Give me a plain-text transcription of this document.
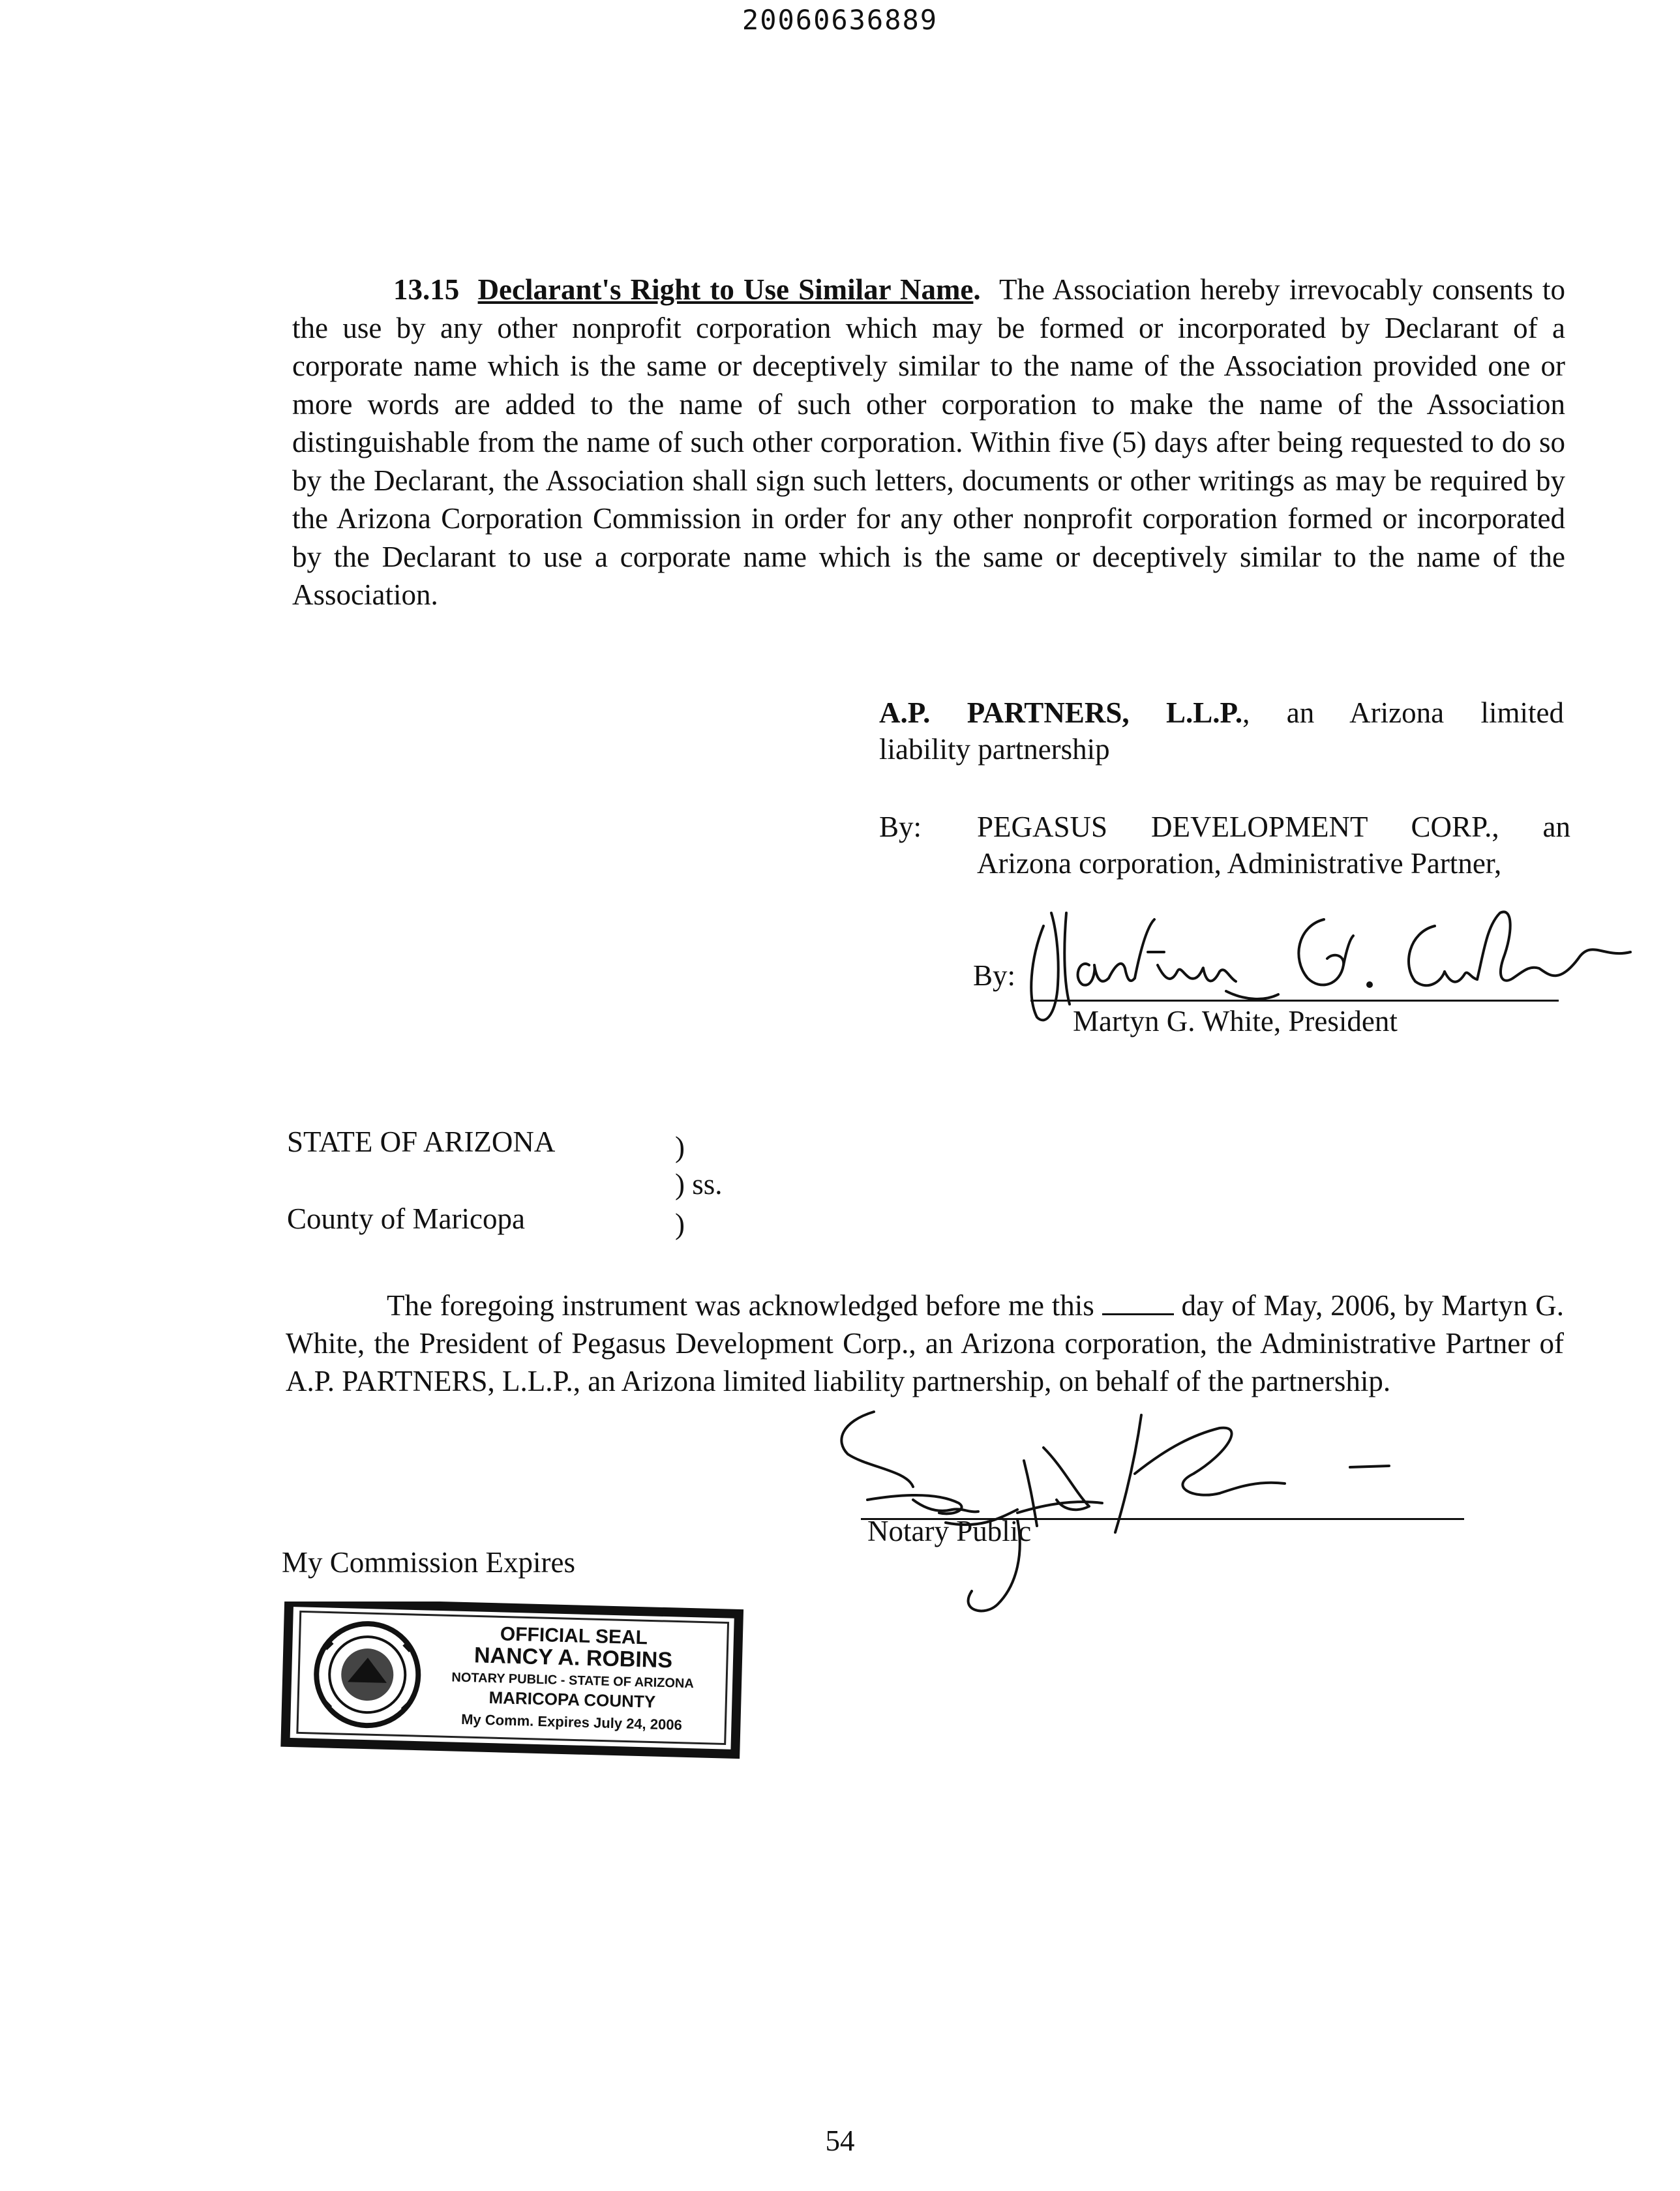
20060636889
13.15 Declarant's Right to Use Similar Name. The Association hereby irrevocably consents to the use by any other nonprofit corporation which may be formed or incorporated by Declarant of a corporate name which is the same or deceptively similar to the name of the Association provided one or more words are added to the name of such other corporation to make the name of the Association distinguishable from the name of such other corporation. Within five (5) days after being requested to do so by the Declarant, the Association shall sign such letters, documents or other writings as may be required by the Arizona Corporation Commission in order for any other nonprofit corporation formed or incorporated by the Declarant to use a corporate name which is the same or deceptively similar to the name of the Association.
A.P. PARTNERS, L.L.P., an Arizona limited
liability partnership
By: PEGASUS DEVELOPMENT CORP., an
Arizona corporation, Administrative Partner,
By:
Martyn G. White, President
STATE OF ARIZONA
County of Maricopa
)
) ss.
)
The foregoing instrument was acknowledged before me this	day of May, 2006, by Martyn G. White, the President of Pegasus Development Corp., an Arizona corporation, the Administrative Partner of A.P. PARTNERS, L.L.P., an Arizona limited liability partnership, on behalf of the partnership.
Notary Public
My Commission Expires
OFFICIAL SEAL
NANCY A. ROBINS
NOTARY PUBLIC - STATE OF ARIZONA
MARICOPA COUNTY
My Comm. Expires July 24, 2006
54
